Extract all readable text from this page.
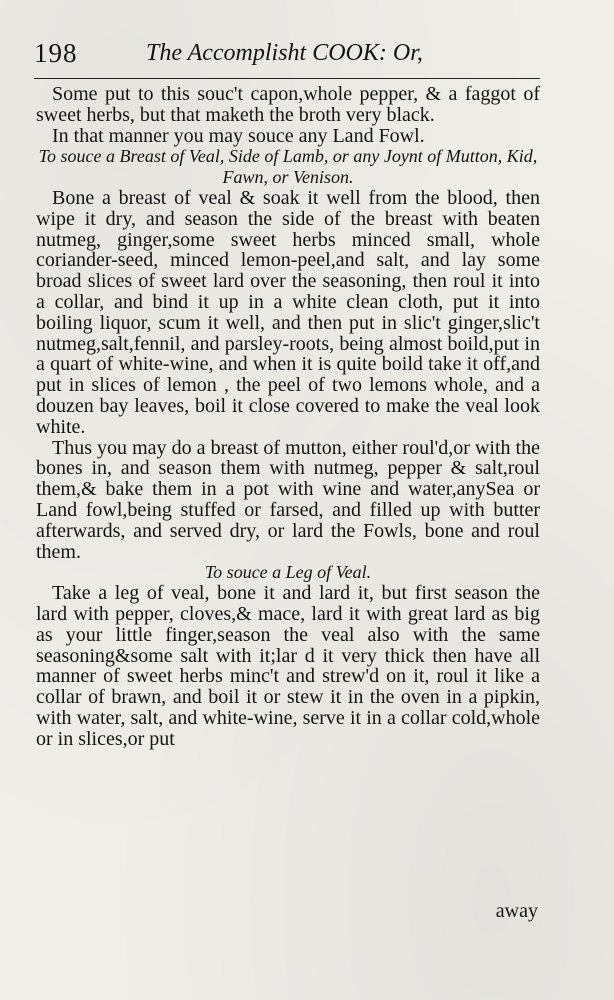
198	The Accomplisht COOK: Or,

Some put to this souc't capon,whole pepper, & a faggot of sweet herbs, but that maketh the broth very black.

In that manner you may souce any Land Fowl.

To souce a Breast of Veal, Side of Lamb, or any Joynt of Mutton, Kid, Fawn, or Venison.

Bone a breast of veal & soak it well from the blood, then wipe it dry, and season the side of the breast with beaten nutmeg, ginger,some sweet herbs minced small, whole coriander-seed, minced lemon-peel,and salt, and lay some broad slices of sweet lard over the seasoning, then roul it into a collar, and bind it up in a white clean cloth, put it into boiling liquor, scum it well, and then put in slic't ginger,slic't nutmeg,salt,fennil, and parsley-roots, being almost boild,put in a quart of white-wine, and when it is quite boild take it off,and put in slices of lemon , the peel of two lemons whole, and a douzen bay leaves, boil it close covered to make the veal look white.

Thus you may do a breast of mutton, either roul'd,or with the bones in, and season them with nutmeg, pepper & salt,roul them,& bake them in a pot with wine and water,anySea or Land fowl,being stuffed or farsed, and filled up with butter afterwards, and served dry, or lard the Fowls, bone and roul them.

To souce a Leg of Veal.

Take a leg of veal, bone it and lard it, but first season the lard with pepper, cloves,& mace, lard it with great lard as big as your little finger,season the veal also with the same seasoning&some salt with it;lar d it very thick then have all manner of sweet herbs minc't and strew'd on it, roul it like a collar of brawn, and boil it or stew it in the oven in a pipkin, with water, salt, and white-wine, serve it in a collar cold,whole or in slices,or put

away
